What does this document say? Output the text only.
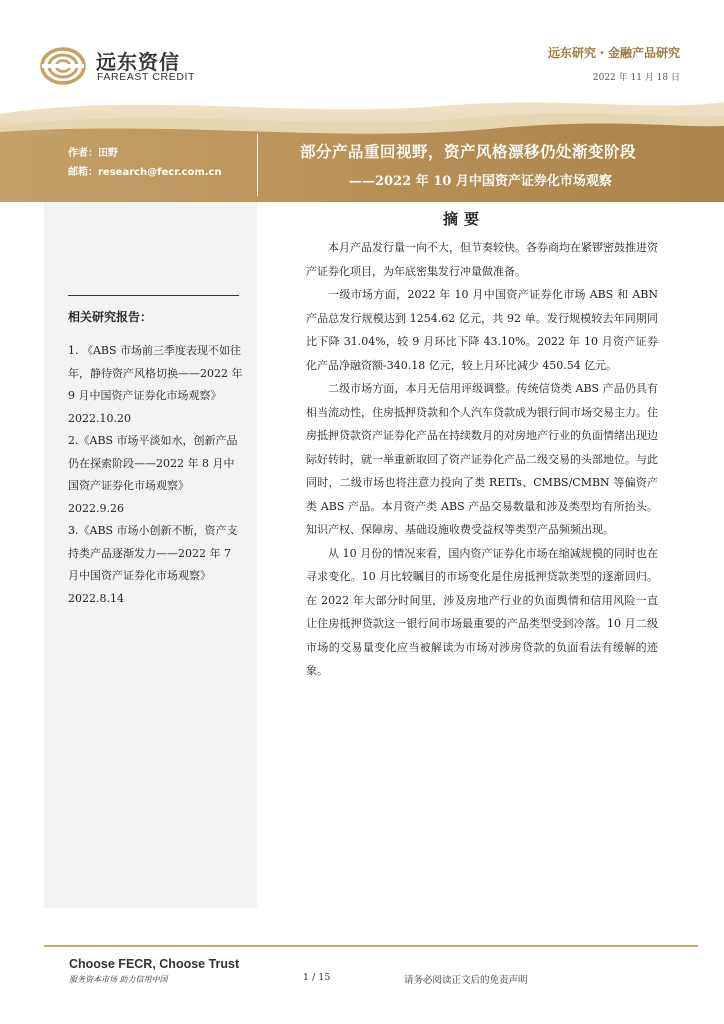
远东资信
FAREAST CREDIT
远东研究・金融产品研究
2022 年 11 月 18 日
作者：田野
邮箱：research@fecr.com.cn
部分产品重回视野，资产风格漂移仍处渐变阶段
——2022 年 10 月中国资产证券化市场观察
相关研究报告：

1. 《ABS 市场前三季度表现不如往年，静待资产风格切换——2022 年 9 月中国资产证券化市场观察》2022.10.20

2.《ABS 市场平淡如水，创新产品仍在探索阶段——2022 年 8 月中国资产证券化市场观察》2022.9.26

3.《ABS 市场小创新不断，资产支持类产品逐渐发力——2022 年 7 月中国资产证券化市场观察》2022.8.14

摘要

本月产品发行量一向不大，但节奏较快。各券商均在紧锣密鼓推进资产证券化项目，为年底密集发行冲量做准备。

一级市场方面，2022 年 10 月中国资产证券化市场 ABS 和 ABN 产品总发行规模达到 1254.62 亿元，共 92 单。发行规模较去年同期同比下降 31.04%，较 9 月环比下降 43.10%。2022 年 10 月资产证券化产品净融资额-340.18 亿元，较上月环比减少 450.54 亿元。

二级市场方面，本月无信用评级调整。传统信贷类 ABS 产品仍具有相当流动性，住房抵押贷款和个人汽车贷款成为银行间市场交易主力。住房抵押贷款资产证券化产品在持续数月的对房地产行业的负面情绪出现边际好转时，就一举重新取回了资产证券化产品二级交易的头部地位。与此同时，二级市场也将注意力投向了类 REITs、CMBS/CMBN 等偏资产类 ABS 产品。本月资产类 ABS 产品交易数量和涉及类型均有所抬头。知识产权、保障房、基础设施收费受益权等类型产品频频出现。

从 10 月份的情况来看，国内资产证券化市场在缩减规模的同时也在寻求变化。10 月比较瞩目的市场变化是住房抵押贷款类型的逐渐回归。在 2022 年大部分时间里，涉及房地产行业的负面舆情和信用风险一直让住房抵押贷款这一银行间市场最重要的产品类型受到冷落。10 月二级市场的交易量变化应当被解读为市场对涉房贷款的负面看法有缓解的迹象。

Choose FECR, Choose Trust
服务资本市场 助力信用中国	1 / 15	请务必阅读正文后的免责声明
